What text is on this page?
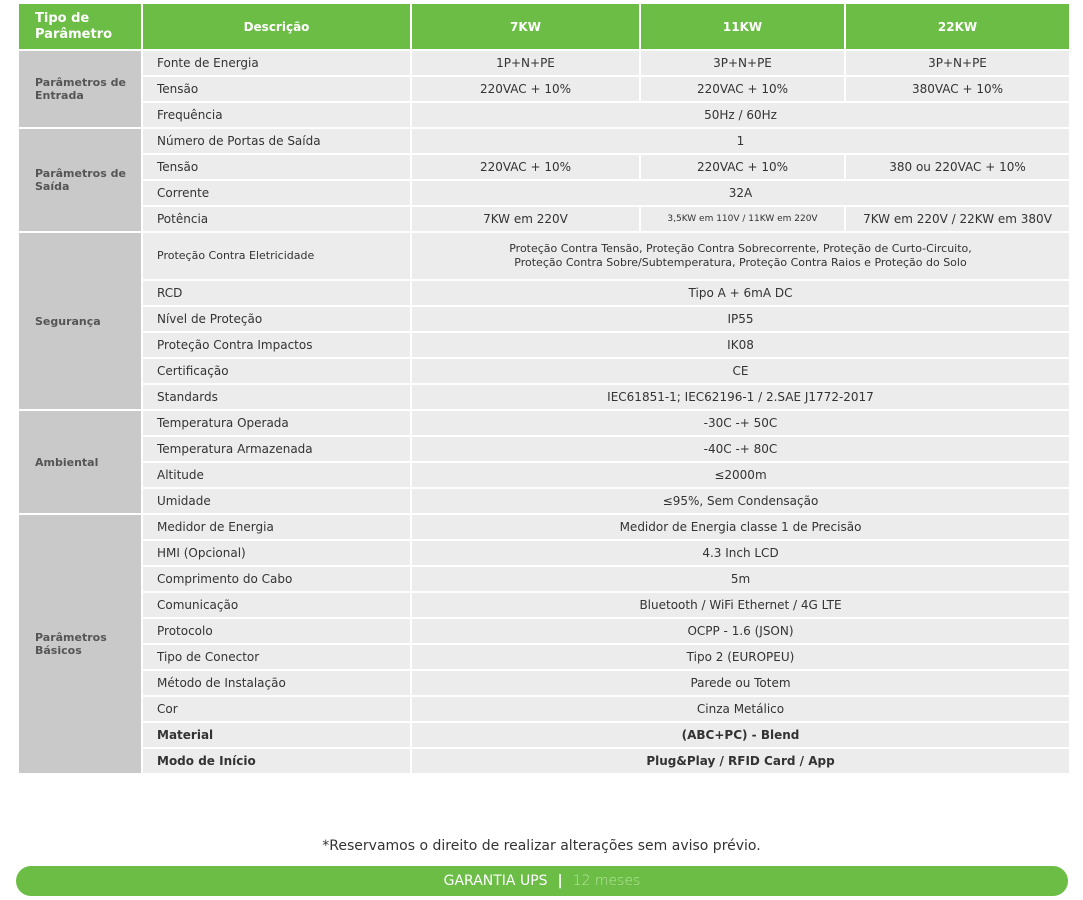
Tipo de Parâmetro	Descrição	7KW	11KW	22KW
Parâmetros de Entrada	Fonte de Energia	1P+N+PE	3P+N+PE	3P+N+PE
	Tensão	220VAC + 10%	220VAC + 10%	380VAC + 10%
	Frequência	50Hz / 60Hz		
Parâmetros de Saída	Número de Portas de Saída	1		
	Tensão	220VAC + 10%	220VAC + 10%	380 ou 220VAC + 10%
	Corrente	32A		
	Potência	7KW em 220V	3,5KW em 110V / 11KW em 220V	7KW em 220V / 22KW em 380V
Segurança	Proteção Contra Eletricidade	Proteção Contra Tensão, Proteção Contra Sobrecorrente, Proteção de Curto-Circuito,
Proteção Contra Sobre/Subtemperatura, Proteção Contra Raios e Proteção do Solo		

	RCD	Tipo A + 6mA DC		
	Nível de Proteção	IP55		
	Proteção Contra Impactos	IK08		
	Certificação	CE		
	Standards	IEC61851-1; IEC62196-1 / 2.SAE J1772-2017		
Ambiental	Temperatura Operada	-30C -+ 50C		
	Temperatura Armazenada	-40C -+ 80C		
	Altitude	≤2000m		
	Umidade	≤95%, Sem Condensação		
Parâmetros Básicos	Medidor de Energia	Medidor de Energia classe 1 de Precisão		
	HMI (Opcional)	4.3 Inch LCD		
	Comprimento do Cabo	5m		
	Comunicação	Bluetooth / WiFi Ethernet / 4G LTE		
	Protocolo	OCPP - 1.6 (JSON)		
	Tipo de Conector	Tipo 2 (EUROPEU)		
	Método de Instalação	Parede ou Totem		
	Cor	Cinza Metálico		
	Material	(ABC+PC) - Blend		
	Modo de Início	Plug&Play / RFID Card / App		
*Reservamos o direito de realizar alterações sem aviso prévio.
GARANTIA UPS | 12 meses
